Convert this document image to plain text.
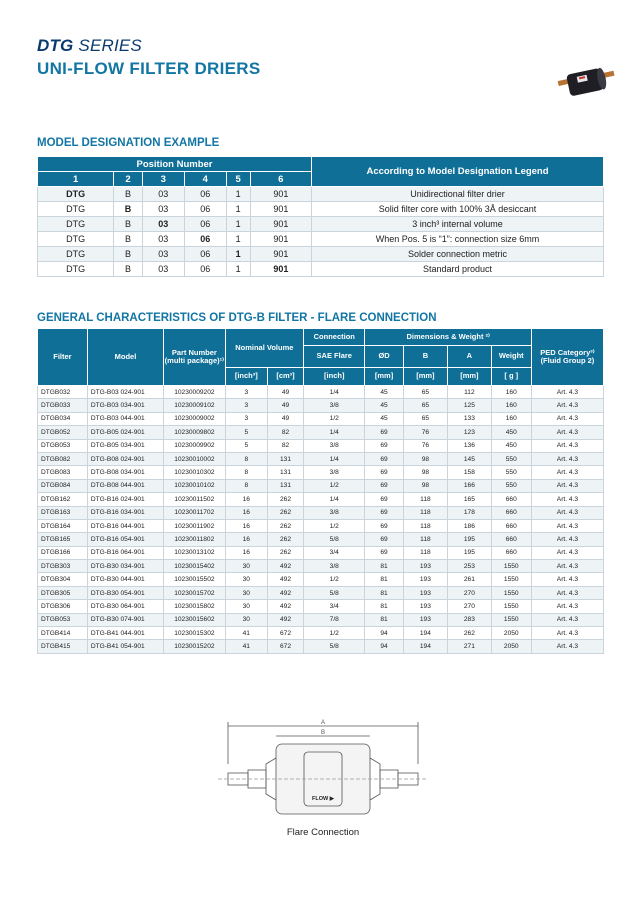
DTG SERIES
UNI-FLOW FILTER DRIERS
MODEL DESIGNATION EXAMPLE
Position Number						According to Model Designation Legend
1	2	3	4	5	6	
DTG	B	03	06	1	901	Unidirectional filter drier
DTG	B	03	06	1	901	Solid filter core with 100% 3Å desiccant
DTG	B	03	06	1	901	3 inch³ internal volume
DTG	B	03	06	1	901	When Pos. 5 is “1”: connection size 6mm
DTG	B	03	06	1	901	Solder connection metric
DTG	B	03	06	1	901	Standard product
GENERAL CHARACTERISTICS OF DTG-B FILTER - FLARE CONNECTION
Filter	Model	Part Number (multi package)¹⁾	Nominal Volume		Connection	Dimensions & Weight ²⁾				PED Category³⁾ (Fluid Group 2)
					SAE Flare	ØD	B	A	Weight	
			[inch³]	[cm³]	[inch]	[mm]	[mm]	[mm]	[ g ]	
DTGB032	DTG-B03 024-901	10230009202	3	49	1/4	45	65	112	160	Art. 4.3
DTGB033	DTG-B03 034-901	10230009102	3	49	3/8	45	65	125	160	Art. 4.3
DTGB034	DTG-B03 044-901	10230009002	3	49	1/2	45	65	133	160	Art. 4.3
DTGB052	DTG-B05 024-901	10230009802	5	82	1/4	69	76	123	450	Art. 4.3
DTGB053	DTG-B05 034-901	10230009902	5	82	3/8	69	76	136	450	Art. 4.3
DTGB082	DTG-B08 024-901	10230010002	8	131	1/4	69	98	145	550	Art. 4.3
DTGB083	DTG-B08 034-901	10230010302	8	131	3/8	69	98	158	550	Art. 4.3
DTGB084	DTG-B08 044-901	10230010102	8	131	1/2	69	98	166	550	Art. 4.3
DTGB162	DTG-B16 024-901	10230011502	16	262	1/4	69	118	165	660	Art. 4.3
DTGB163	DTG-B16 034-901	10230011702	16	262	3/8	69	118	178	660	Art. 4.3
DTGB164	DTG-B16 044-901	10230011902	16	262	1/2	69	118	186	660	Art. 4.3
DTGB165	DTG-B16 054-901	10230011802	16	262	5/8	69	118	195	660	Art. 4.3
DTGB166	DTG-B16 064-901	10230013102	16	262	3/4	69	118	195	660	Art. 4.3
DTGB303	DTG-B30 034-901	10230015402	30	492	3/8	81	193	253	1550	Art. 4.3
DTGB304	DTG-B30 044-901	10230015502	30	492	1/2	81	193	261	1550	Art. 4.3
DTGB305	DTG-B30 054-901	10230015702	30	492	5/8	81	193	270	1550	Art. 4.3
DTGB306	DTG-B30 064-901	10230015802	30	492	3/4	81	193	270	1550	Art. 4.3
DTGB053	DTG-B30 074-901	10230015602	30	492	7/8	81	193	283	1550	Art. 4.3
DTGB414	DTG-B41 044-901	10230015302	41	672	1/2	94	194	262	2050	Art. 4.3
DTGB415	DTG-B41 054-901	10230015202	41	672	5/8	94	194	271	2050	Art. 4.3
A
B
FLOW ▶
Flare Connection
